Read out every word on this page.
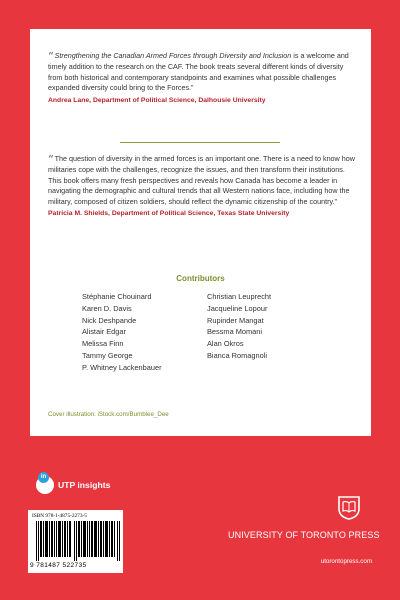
“Strengthening the Canadian Armed Forces through Diversity and Inclusion is a welcome and timely addition to the research on the CAF. The book treats several different kinds of diversity from both historical and contemporary standpoints and examines what possible challenges expanded diversity could bring to the Forces.”

Andrea Lane, Department of Political Science, Dalhousie University

“The question of diversity in the armed forces is an important one. There is a need to know how militaries cope with the challenges, recognize the issues, and then transform their institutions. This book offers many fresh perspectives and reveals how Canada has become a leader in navigating the demographic and cultural trends that all Western nations face, including how the military, composed of citizen soldiers, should reflect the dynamic citizenship of the country.”

Patricia M. Shields, Department of Political Science, Texas State University
Contributors
Stéphanie Chouinard
Karen D. Davis
Nick Deshpande
Alistair Edgar
Melissa Finn
Tammy George
P. Whitney Lackenbauer
Christian Leuprecht
Jacqueline Lopour
Rupinder Mangat
Bessma Momani
Alan Okros
Bianca Romagnoli
Cover illustration: iStock.com/Bumblee_Dee
in
UTP insights
ISBN 978-1-4875-2273-5
9 781487 522735
UNIVERSITY OF TORONTO PRESS
utorontopress.com
